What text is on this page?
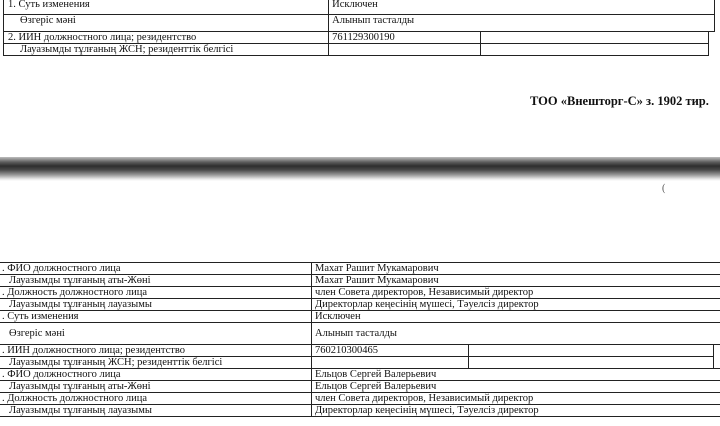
1. Суть изменения	Исключен		
Өзгеріс мәні	Алынып тасталды		
2. ИИН должностного лица; резидентство	761129300190		
Лауазымды тұлғаның ЖСН; резиденттік белгісі			
ТОО «Внешторг-С» з. 1902 тир.
(
. ФИО должностного лица	Махат Рашит Мукамарович		
Лауазымды тұлғаның аты-Жөні	Махат Рашит Мукамарович		
. Должность должностного лица	член Совета директоров, Независимый директор		
Лауазымды тұлғаның лауазымы	Директорлар кеңесінің мүшесі, Тәуелсіз директор		
. Суть изменения	Исключен		
Өзгеріс мәні	Алынып тасталды		
. ИИН должностного лица; резидентство	760210300465		
Лауазымды тұлғаның ЖСН; резиденттік белгісі			
. ФИО должностного лица	Ельцов Сергей Валерьевич		
Лауазымды тұлғаның аты-Жөні	Ельцов Сергей Валерьевич		
. Должность должностного лица	член Совета директоров, Независимый директор		
Лауазымды тұлғаның лауазымы	Директорлар кеңесінің мүшесі, Тәуелсіз директор		
